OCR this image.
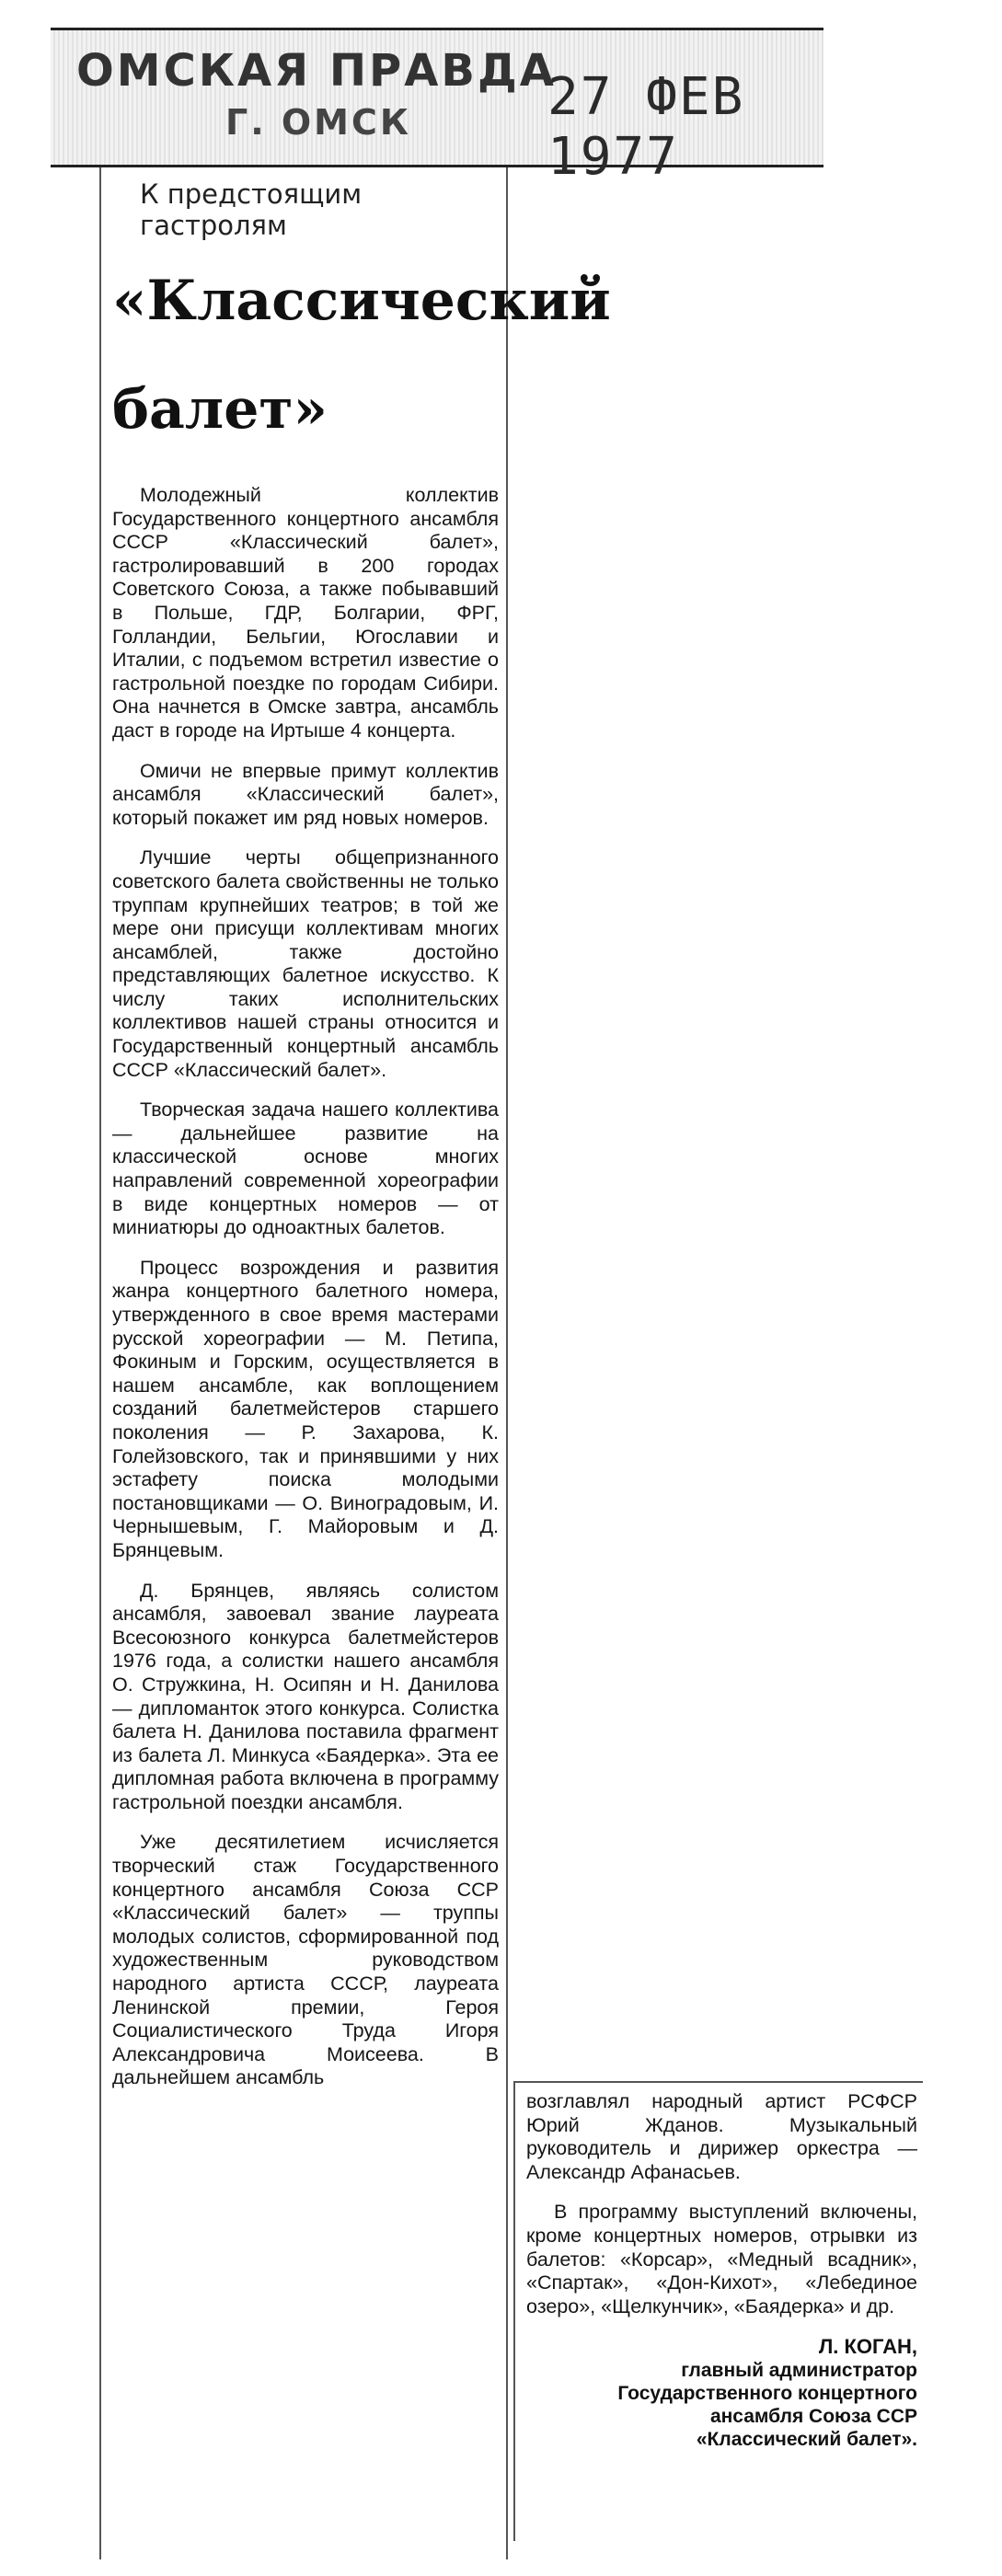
ОМСКАЯ ПРАВДА
Г. ОМСК	27 ФЕВ 1977
К предстоящим гастролям
«Классический балет»

Молодежный коллектив Государственного концертного ансамбля СССР «Классический балет», гастролировавший в 200 городах Советского Союза, а также побывавший в Польше, ГДР, Болгарии, ФРГ, Голландии, Бельгии, Югославии и Италии, с подъемом встретил известие о гастрольной поездке по городам Сибири. Она начнется в Омске завтра, ансамбль даст в городе на Иртыше 4 концерта.

Омичи не впервые примут коллектив ансамбля «Классический балет», который покажет им ряд новых номеров.

Лучшие черты общепризнанного советского балета свойственны не только труппам крупнейших театров; в той же мере они присущи коллективам многих ансамблей, также достойно представляющих балетное искусство. К числу таких исполнительских коллективов нашей страны относится и Государственный концертный ансамбль СССР «Классический балет».

Творческая задача нашего коллектива — дальнейшее развитие на классической основе многих направлений современной хореографии в виде концертных номеров — от миниатюры до одноактных балетов.

Процесс возрождения и развития жанра концертного балетного номера, утвержденного в свое время мастерами русской хореографии — М. Петипа, Фокиным и Горским, осуществляется в нашем ансамбле, как воплощением созданий балетмейстеров старшего поколения — Р. Захарова, К. Голейзовского, так и принявшими у них эстафету поиска молодыми постановщиками — О. Виноградовым, И. Чернышевым, Г. Майоровым и Д. Брянцевым.

Д. Брянцев, являясь солистом ансамбля, завоевал звание лауреата Всесоюзного конкурса балетмейстеров 1976 года, а солистки нашего ансамбля О. Стружкина, Н. Осипян и Н. Данилова — дипломанток этого конкурса. Солистка балета Н. Данилова поставила фрагмент из балета Л. Минкуса «Баядерка». Эта ее дипломная работа включена в программу гастрольной поездки ансамбля.

Уже десятилетием исчисляется творческий стаж Государственного концертного ансамбля Союза ССР «Классический балет» — труппы молодых солистов, сформированной под художественным руководством народного артиста СССР, лауреата Ленинской премии, Героя Социалистического Труда Игоря Александровича Моисеева. В дальнейшем ансамбль

возглавлял народный артист РСФСР Юрий Жданов. Музыкальный руководитель и дирижер оркестра — Александр Афанасьев.

В программу выступлений включены, кроме концертных номеров, отрывки из балетов: «Корсар», «Медный всадник», «Спартак», «Дон-Кихот», «Лебединое озеро», «Щелкунчик», «Баядерка» и др.

Л. КОГАН,
главный администратор
Государственного концертного
ансамбля Союза ССР
«Классический балет».
